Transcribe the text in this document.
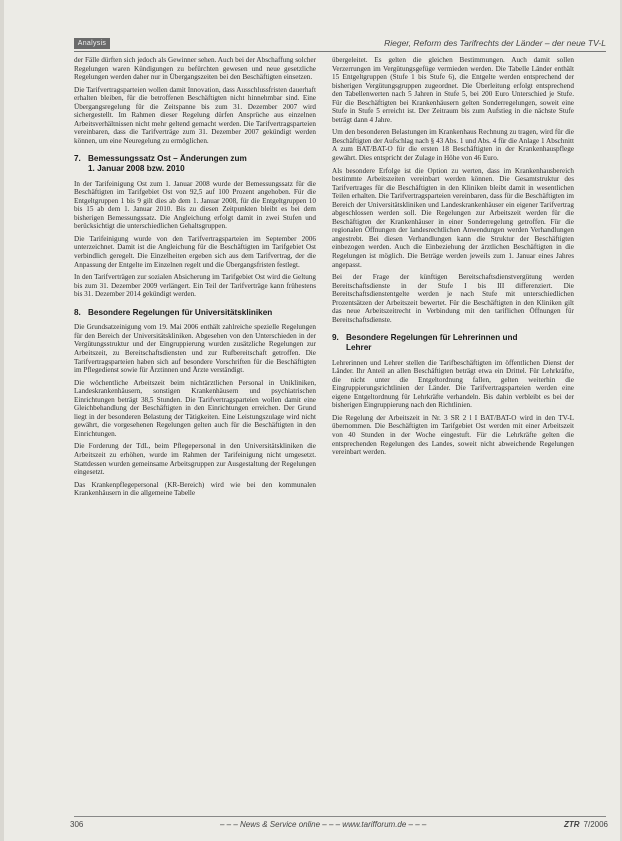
Analysis	Rieger, Reform des Tarifrechts der Länder – der neue TV-L

der Fälle dürften sich jedoch als Gewinner sehen. Auch bei der Abschaffung solcher Regelungen waren Kündigungen zu befürchten gewesen und neue gesetzliche Regelungen werden daher nur in Übergangszeiten bei den Beschäftigten einsetzen.

Die Tarifvertragsparteien wollen damit Innovation, dass Ausschlussfristen dauerhaft erhalten bleiben, für die betroffenen Beschäftigten nicht hinnehmbar sind. Eine Übergangsregelung für die Zeitspanne bis zum 31. Dezember 2007 wird sichergestellt. Im Rahmen dieser Regelung dürfen Ansprüche aus einzelnen Arbeitsverhältnissen nicht mehr geltend gemacht werden. Die Tarifvertragsparteien vereinbaren, dass die Tarifverträge zum 31. Dezember 2007 gekündigt werden können, um eine Neuregelung zu ermöglichen.

7. Bemessungssatz Ost – Änderungen zum
1. Januar 2008 bzw. 2010

In der Tarifeinigung Ost zum 1. Januar 2008 wurde der Bemessungssatz für die Beschäftigten im Tarifgebiet Ost von 92,5 auf 100 Prozent angehoben. Für die Entgeltgruppen 1 bis 9 gilt dies ab dem 1. Januar 2008, für die Entgeltgruppen 10 bis 15 ab dem 1. Januar 2010. Bis zu diesen Zeitpunkten bleibt es bei dem bisherigen Bemessungssatz. Die Angleichung erfolgt damit in zwei Stufen und berücksichtigt die unterschiedlichen Gehaltsgruppen.

Die Tarifeinigung wurde von den Tarifvertragsparteien im September 2006 unterzeichnet. Damit ist die Angleichung für die Beschäftigten im Tarifgebiet Ost verbindlich geregelt. Die Einzelheiten ergeben sich aus dem Tarifvertrag, der die Anpassung der Entgelte im Einzelnen regelt und die Übergangsfristen festlegt.

In den Tarifverträgen zur sozialen Absicherung im Tarifgebiet Ost wird die Geltung bis zum 31. Dezember 2009 verlängert. Ein Teil der Tarifverträge kann frühestens bis 31. Dezember 2014 gekündigt werden.

8. Besondere Regelungen für Universitätskliniken

Die Grundsatzeinigung vom 19. Mai 2006 enthält zahlreiche spezielle Regelungen für den Bereich der Universitätskliniken. Abgesehen von den Unterschieden in der Vergütungsstruktur und der Eingruppierung wurden zusätzliche Regelungen zur Arbeitszeit, zu Bereitschaftsdiensten und zur Rufbereitschaft getroffen. Die Tarifvertragsparteien haben sich auf besondere Vorschriften für die Beschäftigten im Pflegedienst sowie für Ärztinnen und Ärzte verständigt.

Die wöchentliche Arbeitszeit beim nichtärztlichen Personal in Unikliniken, Landeskrankenhäusern, sonstigen Krankenhäusern und psychiatrischen Einrichtungen beträgt 38,5 Stunden. Die Tarifvertragsparteien wollen damit eine Gleichbehandlung der Beschäftigten in den Einrichtungen erreichen. Der Grund liegt in der besonderen Belastung der Tätigkeiten. Eine Leistungszulage wird nicht gewährt, die vorgesehenen Regelungen gelten auch für die Beschäftigten in den Einrichtungen.

Die Forderung der TdL, beim Pflegepersonal in den Universitätskliniken die Arbeitszeit zu erhöhen, wurde im Rahmen der Tarifeinigung nicht umgesetzt. Stattdessen wurden gemeinsame Arbeitsgruppen zur Ausgestaltung der Regelungen eingesetzt.

Das Krankenpflegepersonal (KR-Bereich) wird wie bei den kommunalen Krankenhäusern in die allgemeine Tabelle

übergeleitet. Es gelten die gleichen Bestimmungen. Auch damit sollen Verzerrungen im Vergütungsgefüge vermieden werden. Die Tabelle Länder enthält 15 Entgeltgruppen (Stufe 1 bis Stufe 6), die Entgelte werden entsprechend der bisherigen Vergütungsgruppen zugeordnet. Die Überleitung erfolgt entsprechend den Tabellenwerten nach 5 Jahren in Stufe 5, bei 200 Euro Unterschied je Stufe. Für die Beschäftigten bei Krankenhäusern gelten Sonderregelungen, soweit eine Stufe in Stufe 5 erreicht ist. Der Zeitraum bis zum Aufstieg in die nächste Stufe beträgt dann 4 Jahre.

Um den besonderen Belastungen im Krankenhaus Rechnung zu tragen, wird für die Beschäftigten der Aufschlag nach § 43 Abs. 1 und Abs. 4 für die Anlage 1 Abschnitt A zum BAT/BAT-O für die ersten 18 Beschäftigten in der Krankenhauspflege gewährt. Dies entspricht der Zulage in Höhe von 46 Euro.

Als besondere Erfolge ist die Option zu werten, dass im Krankenhausbereich bestimmte Arbeitszeiten vereinbart werden können. Die Gesamtstruktur des Tarifvertrages für die Beschäftigten in den Kliniken bleibt damit in wesentlichen Teilen erhalten. Die Tarifvertragsparteien vereinbaren, dass für die Beschäftigten im Bereich der Universitätskliniken und Landeskrankenhäuser ein eigener Tarifvertrag abgeschlossen werden soll. Die Regelungen zur Arbeitszeit werden für die Beschäftigten der Krankenhäuser in einer Sonderregelung getroffen. Für die regionalen Öffnungen der landesrechtlichen Anwendungen werden Verhandlungen angestrebt. Bei diesen Verhandlungen kann die Struktur der Beschäftigten einbezogen werden. Auch die Einbeziehung der ärztlichen Beschäftigten in die Regelungen ist möglich. Die Beträge werden jeweils zum 1. Januar eines Jahres angepasst.

Bei der Frage der künftigen Bereitschaftsdienstvergütung werden Bereitschaftsdienste in der Stufe I bis III differenziert. Die Bereitschaftsdienstentgelte werden je nach Stufe mit unterschiedlichen Prozentsätzen der Arbeitszeit bewertet. Für die Beschäftigten in den Kliniken gilt das neue Arbeitszeitrecht in Verbindung mit den tariflichen Öffnungen für Bereitschaftsdienste.

9. Besondere Regelungen für Lehrerinnen und
Lehrer

Lehrerinnen und Lehrer stellen die Tarifbeschäftigten im öffentlichen Dienst der Länder. Ihr Anteil an allen Beschäftigten beträgt etwa ein Drittel. Für Lehrkräfte, die nicht unter die Entgeltordnung fallen, gelten weiterhin die Eingruppierungsrichtlinien der Länder. Die Tarifvertragsparteien werden eine eigene Entgeltordnung für Lehrkräfte verhandeln. Bis dahin verbleibt es bei der bisherigen Eingruppierung nach den Richtlinien.

Die Regelung der Arbeitszeit in Nr. 3 SR 2 l I BAT/BAT-O wird in den TV-L übernommen. Die Beschäftigten im Tarifgebiet Ost werden mit einer Arbeitszeit von 40 Stunden in der Woche eingestuft. Für die Lehrkräfte gelten die entsprechenden Regelungen des Landes, soweit nicht abweichende Regelungen vereinbart werden.

306	– – – News & Service online – – – www.tarifforum.de – – –	ZTR 7/2006
